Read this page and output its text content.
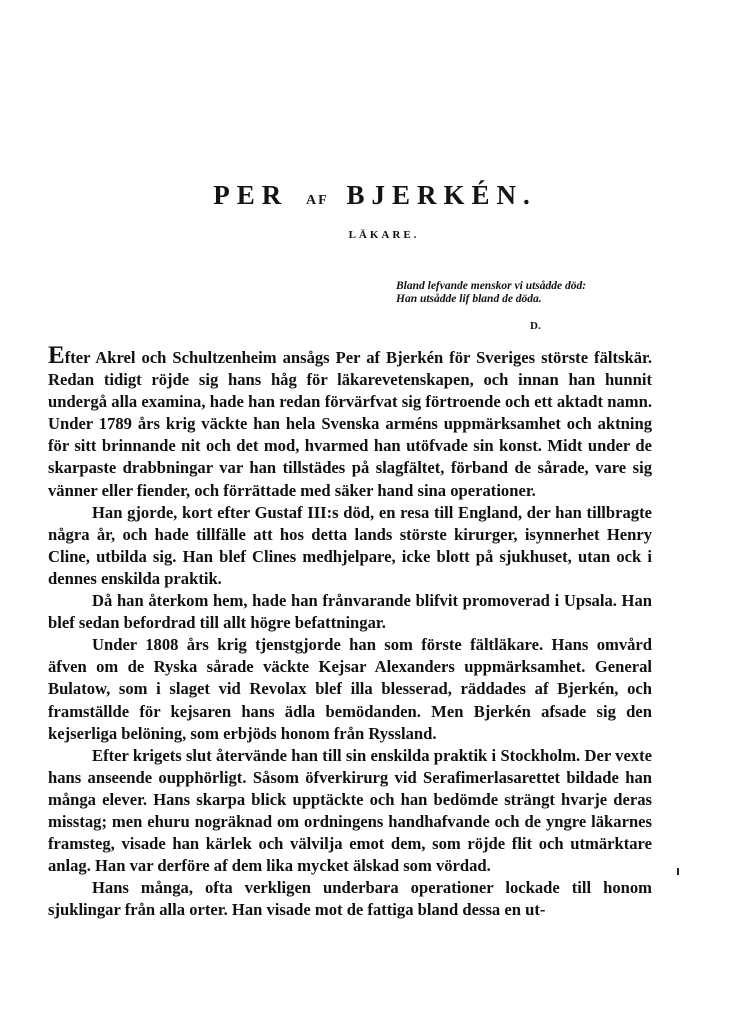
PER AF BJERKÉN.
LÄKARE.
Bland lefvande menskor vi utsådde död:
Han utsådde lif bland de döda.
D.

Efter Akrel och Schultzenheim ansågs Per af Bjerkén för Sveriges störste fältskär. Redan tidigt röjde sig hans håg för läkarevetenskapen, och innan han hunnit undergå alla examina, hade han redan förvärfvat sig förtroende och ett aktadt namn. Under 1789 års krig väckte han hela Svenska arméns uppmärksamhet och aktning för sitt brinnande nit och det mod, hvarmed han utöfvade sin konst. Midt under de skarpaste drabbningar var han tillstädes på slagfältet, förband de sårade, vare sig vänner eller fiender, och förrättade med säker hand sina operationer.

Han gjorde, kort efter Gustaf III:s död, en resa till England, der han tillbragte några år, och hade tillfälle att hos detta lands störste kirurger, isynnerhet Henry Cline, utbilda sig. Han blef Clines medhjelpare, icke blott på sjukhuset, utan ock i dennes enskilda praktik.

Då han återkom hem, hade han frånvarande blifvit promoverad i Upsala. Han blef sedan befordrad till allt högre befattningar.

Under 1808 års krig tjenstgjorde han som förste fältläkare. Hans omvård äfven om de Ryska sårade väckte Kejsar Alexanders uppmärksamhet. General Bulatow, som i slaget vid Revolax blef illa blesserad, räddades af Bjerkén, och framställde för kejsaren hans ädla bemödanden. Men Bjerkén afsade sig den kejserliga belöning, som erbjöds honom från Ryssland.

Efter krigets slut återvände han till sin enskilda praktik i Stockholm. Der vexte hans anseende oupphörligt. Såsom öfverkirurg vid Serafimerlasarettet bildade han många elever. Hans skarpa blick upptäckte och han bedömde strängt hvarje deras misstag; men ehuru nogräknad om ordningens handhafvande och de yngre läkarnes framsteg, visade han kärlek och välvilja emot dem, som röjde flit och utmärktare anlag. Han var derföre af dem lika mycket älskad som vördad.

Hans många, ofta verkligen underbara operationer lockade till honom sjuklingar från alla orter. Han visade mot de fattiga bland dessa en ut-
